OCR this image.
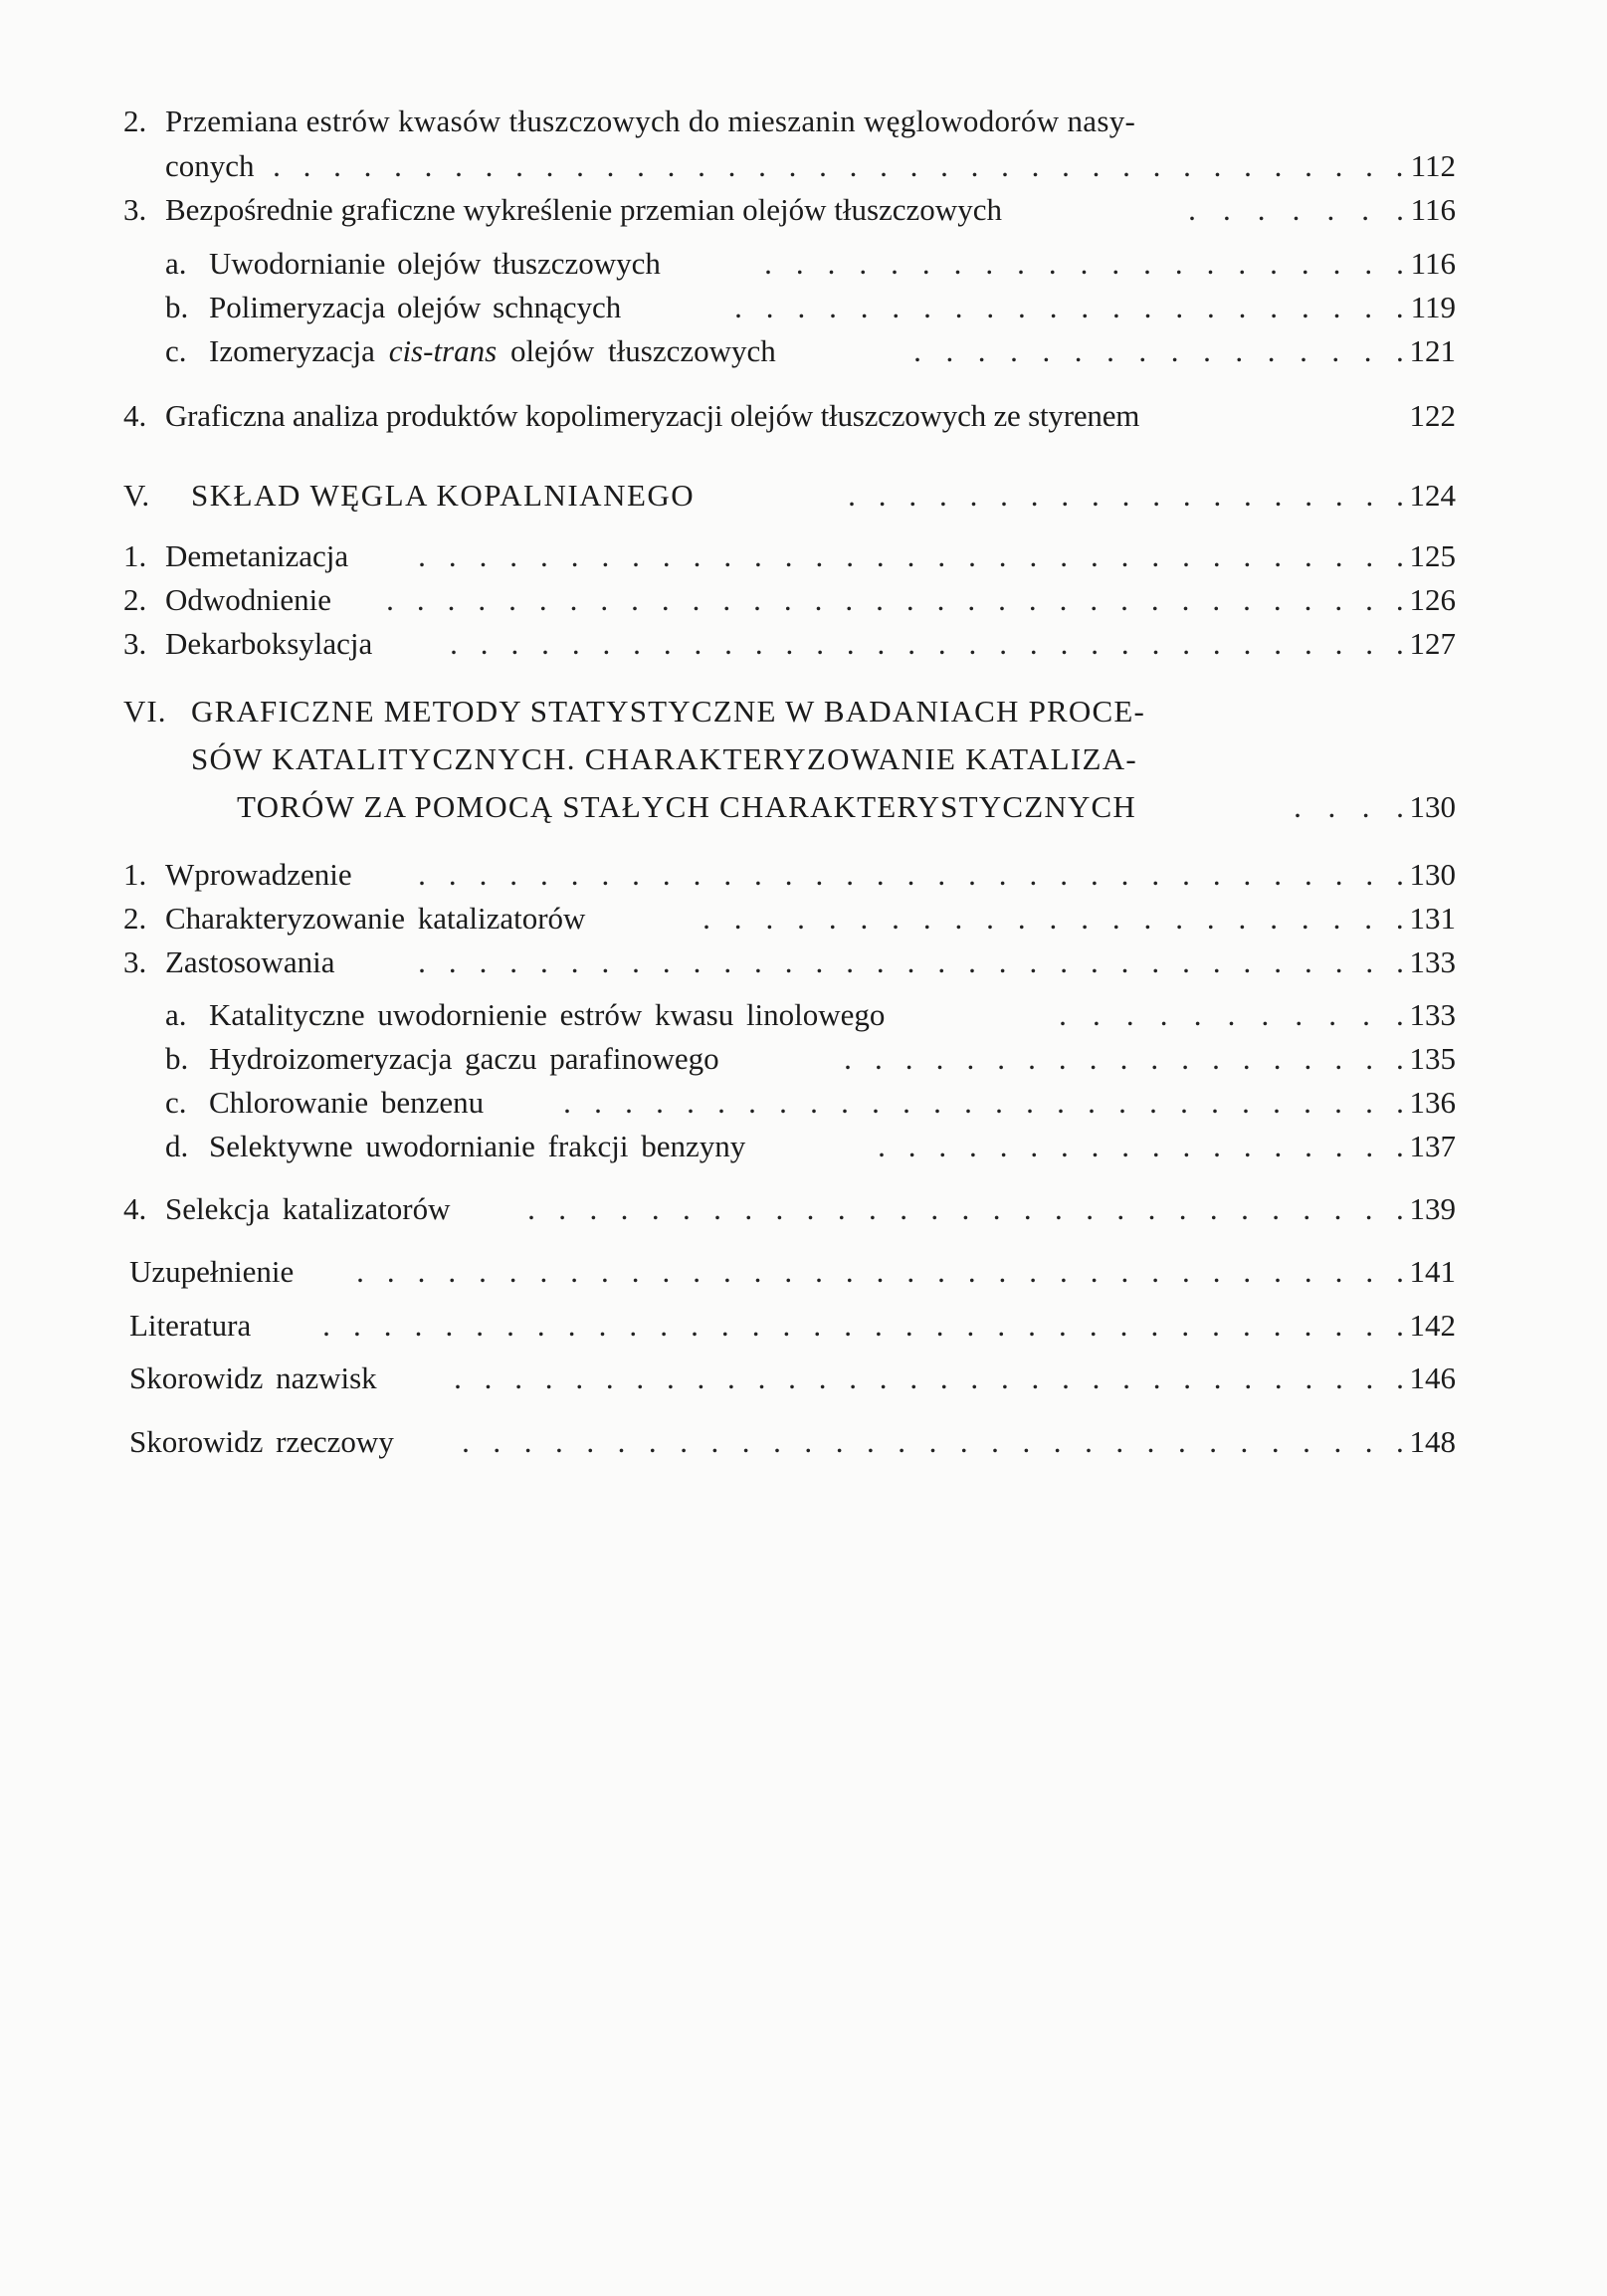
2. Przemiana estrów kwasów tłuszczowych do mieszanin węglowodorów nasy-
conych . . . . . . . . . . . . . . . . . . . . . . . . . . . . . . . . . . . . . . 112
3. Bezpośrednie graficzne wykreślenie przemian olejów tłuszczowych	. . . . . . . 116
a. Uwodornianie olejów tłuszczowych	. . . . . . . . . . . . . . . . . . . . . 116
b. Polimeryzacja olejów schnących	. . . . . . . . . . . . . . . . . . . . . . 119
c. Izomeryzacja cis-trans olejów tłuszczowych	. . . . . . . . . . . . . . . . 121
4. Graficzna analiza produktów kopolimeryzacji olejów tłuszczowych ze styrenem	122
V. SKŁAD WĘGLA KOPALNIANEGO	. . . . . . . . . . . . . . . . . . . 124
1. Demetanizacja . . . . . . . . . . . . . . . . . . . . . . . . . . . . . . . . . 125
2. Odwodnienie . . . . . . . . . . . . . . . . . . . . . . . . . . . . . . . . . . 126
3. Dekarboksylacja	. . . . . . . . . . . . . . . . . . . . . . . . . . . . . . . . 127
VI. GRAFICZNE METODY STATYSTYCZNE W BADANIACH PROCE-
SÓW KATALITYCZNYCH. CHARAKTERYZOWANIE KATALIZA-
TORÓW ZA POMOCĄ STAŁYCH CHARAKTERYSTYCZNYCH	. . . . 130
1. Wprowadzenie . . . . . . . . . . . . . . . . . . . . . . . . . . . . . . . . . 130
2. Charakteryzowanie katalizatorów	. . . . . . . . . . . . . . . . . . . . . . . 131
3. Zastosowania	. . . . . . . . . . . . . . . . . . . . . . . . . . . . . . . . . 133
a. Katalityczne uwodornienie estrów kwasu linolowego	. . . . . . . . . . . 133
b. Hydroizomeryzacja gaczu parafinowego	. . . . . . . . . . . . . . . . . . . 135
c. Chlorowanie benzenu	. . . . . . . . . . . . . . . . . . . . . . . . . . . . 136
d. Selektywne uwodornianie frakcji benzyny	. . . . . . . . . . . . . . . . . . 137
4. Selekcja katalizatorów	. . . . . . . . . . . . . . . . . . . . . . . . . . . . . 139
Uzupełnienie . . . . . . . . . . . . . . . . . . . . . . . . . . . . . . . . . . . 141
Literatura . . . . . . . . . . . . . . . . . . . . . . . . . . . . . . . . . . . . 142
Skorowidz nazwisk . . . . . . . . . . . . . . . . . . . . . . . . . . . . . . . . 146
Skorowidz rzeczowy . . . . . . . . . . . . . . . . . . . . . . . . . . . . . . . 148
